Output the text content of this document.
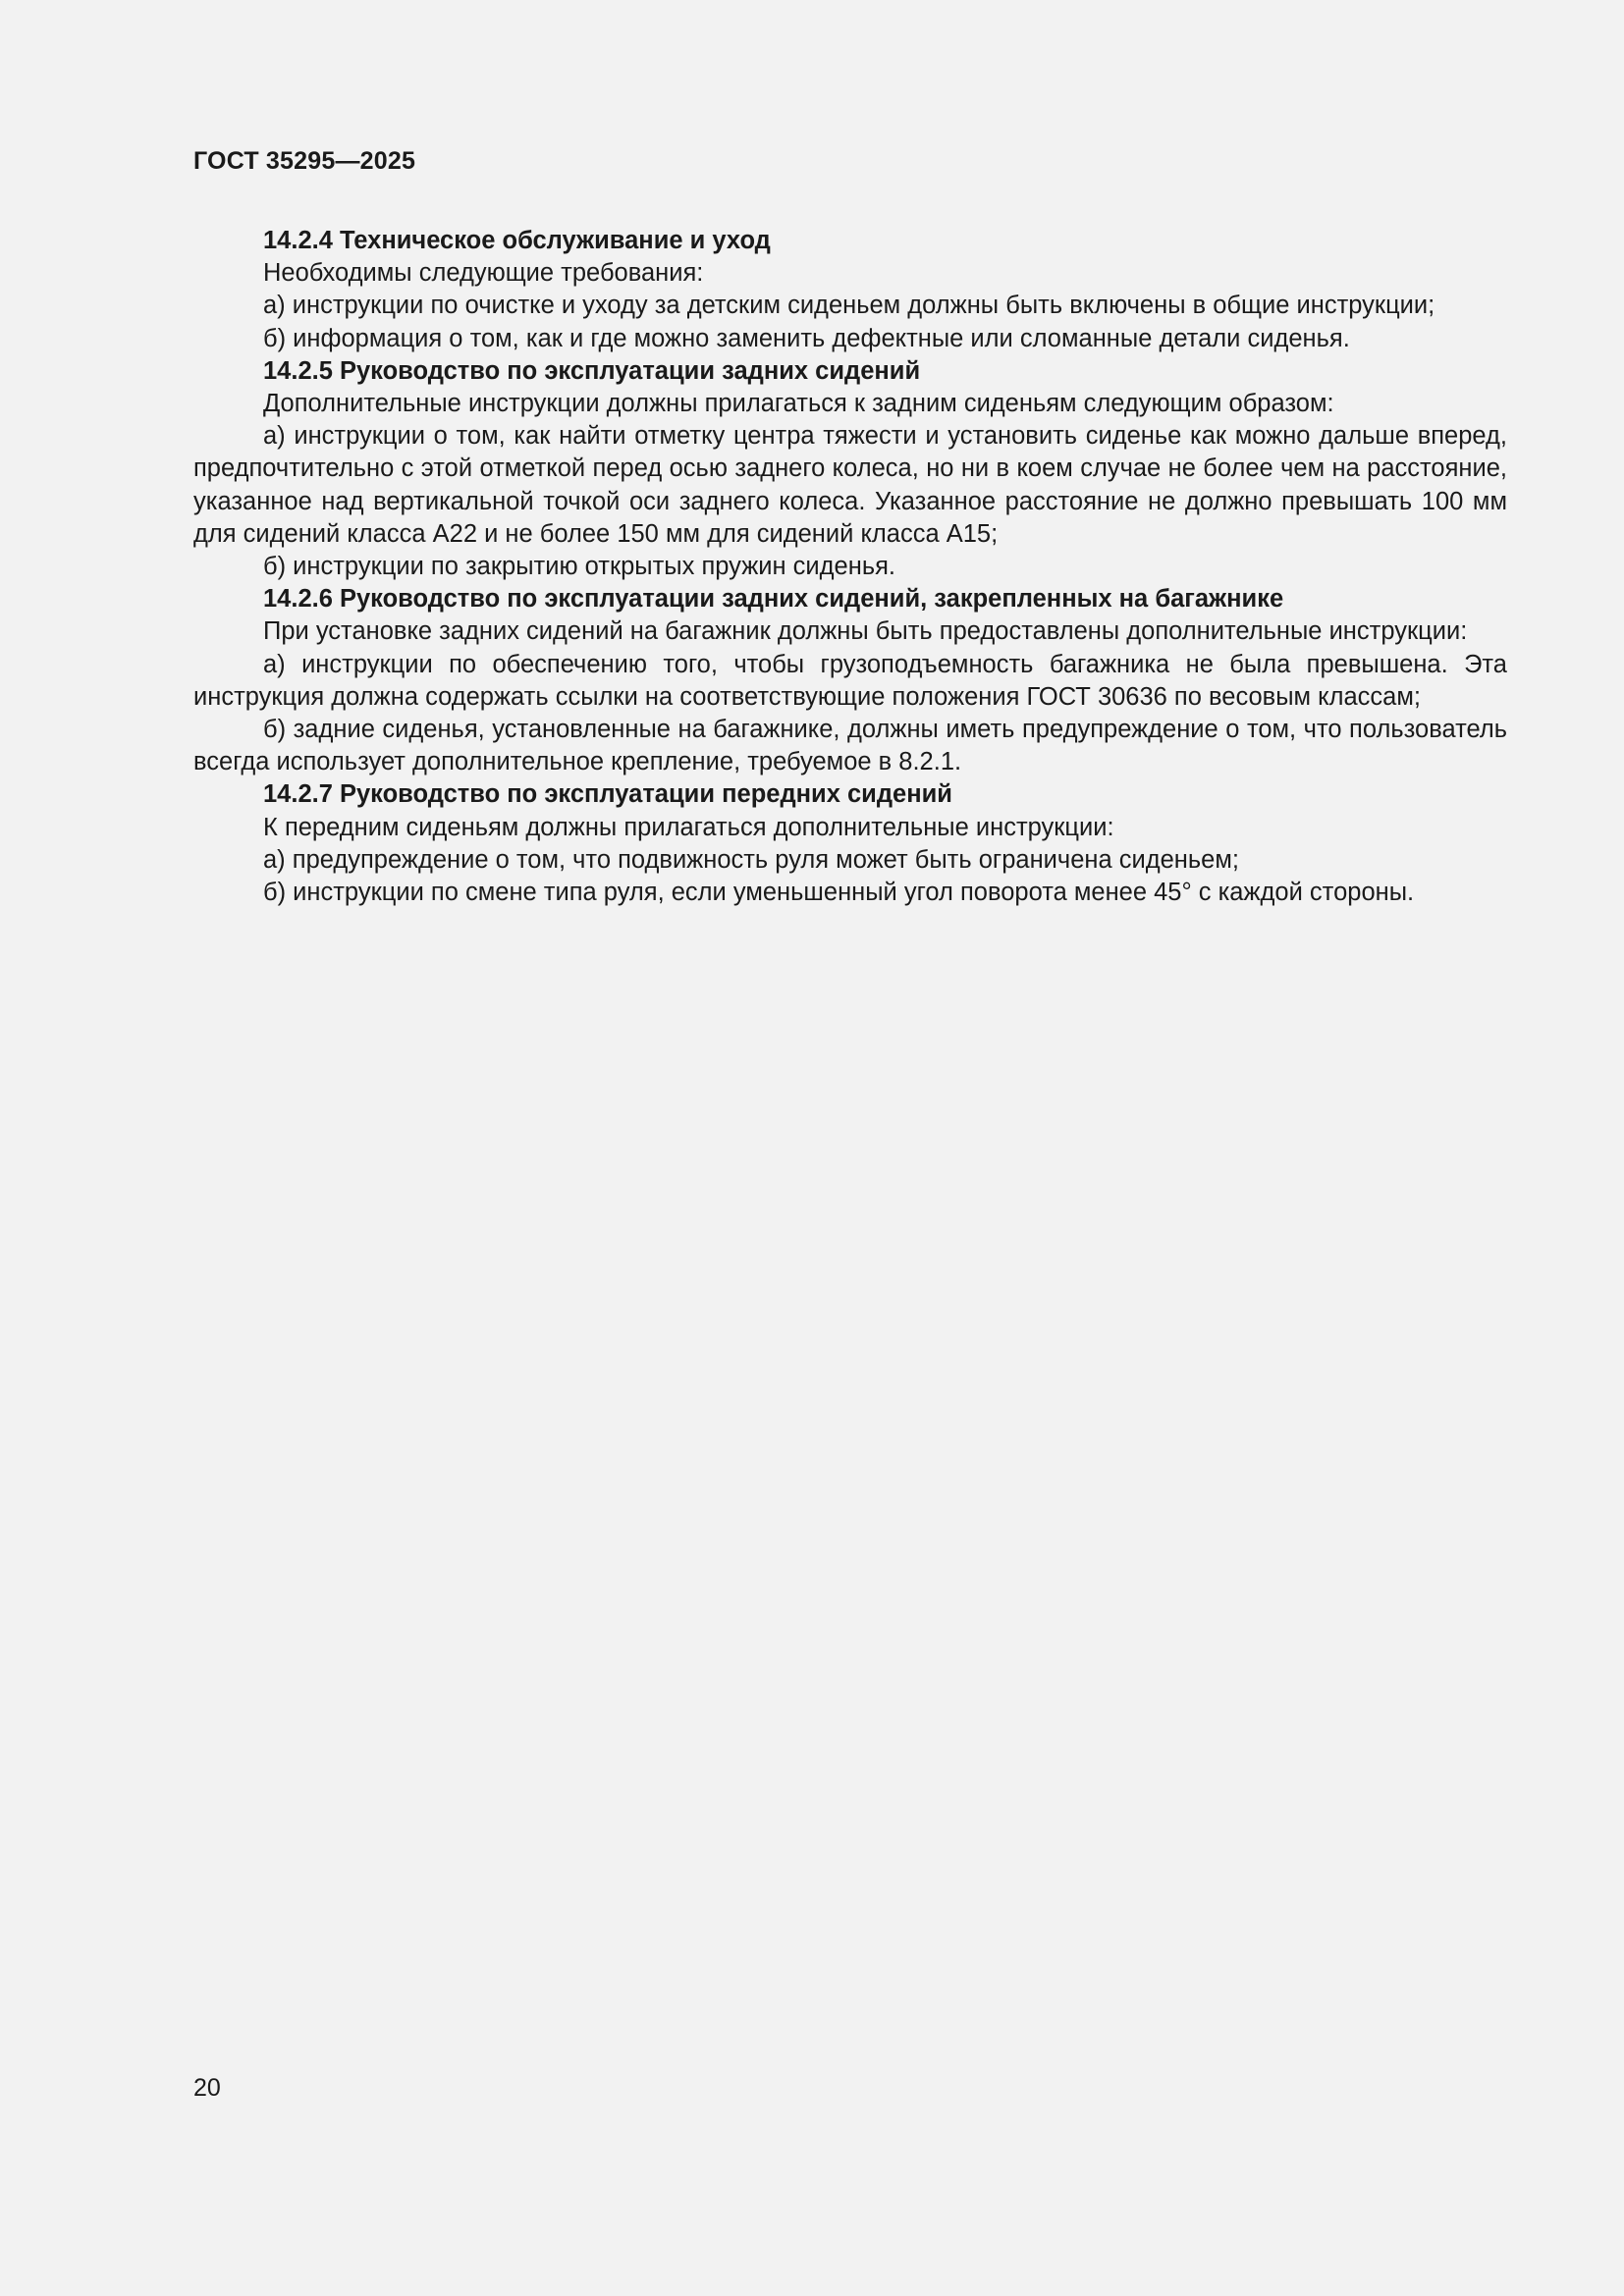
ГОСТ 35295—2025

14.2.4 Техническое обслуживание и уход

Необходимы следующие требования:

а) инструкции по очистке и уходу за детским сиденьем должны быть включены в общие инструкции;

б) информация о том, как и где можно заменить дефектные или сломанные детали сиденья.

14.2.5 Руководство по эксплуатации задних сидений

Дополнительные инструкции должны прилагаться к задним сиденьям следующим образом:

а) инструкции о том, как найти отметку центра тяжести и установить сиденье как можно дальше вперед, предпочтительно с этой отметкой перед осью заднего колеса, но ни в коем случае не более чем на расстояние, указанное над вертикальной точкой оси заднего колеса. Указанное расстояние не должно превышать 100 мм для сидений класса А22 и не более 150 мм для сидений класса А15;

б) инструкции по закрытию открытых пружин сиденья.

14.2.6 Руководство по эксплуатации задних сидений, закрепленных на багажнике

При установке задних сидений на багажник должны быть предоставлены дополнительные инструкции:

а) инструкции по обеспечению того, чтобы грузоподъемность багажника не была превышена. Эта инструкция должна содержать ссылки на соответствующие положения ГОСТ 30636 по весовым классам;

б) задние сиденья, установленные на багажнике, должны иметь предупреждение о том, что пользователь всегда использует дополнительное крепление, требуемое в 8.2.1.

14.2.7 Руководство по эксплуатации передних сидений

К передним сиденьям должны прилагаться дополнительные инструкции:

а) предупреждение о том, что подвижность руля может быть ограничена сиденьем;

б) инструкции по смене типа руля, если уменьшенный угол поворота менее 45° с каждой стороны.

20
